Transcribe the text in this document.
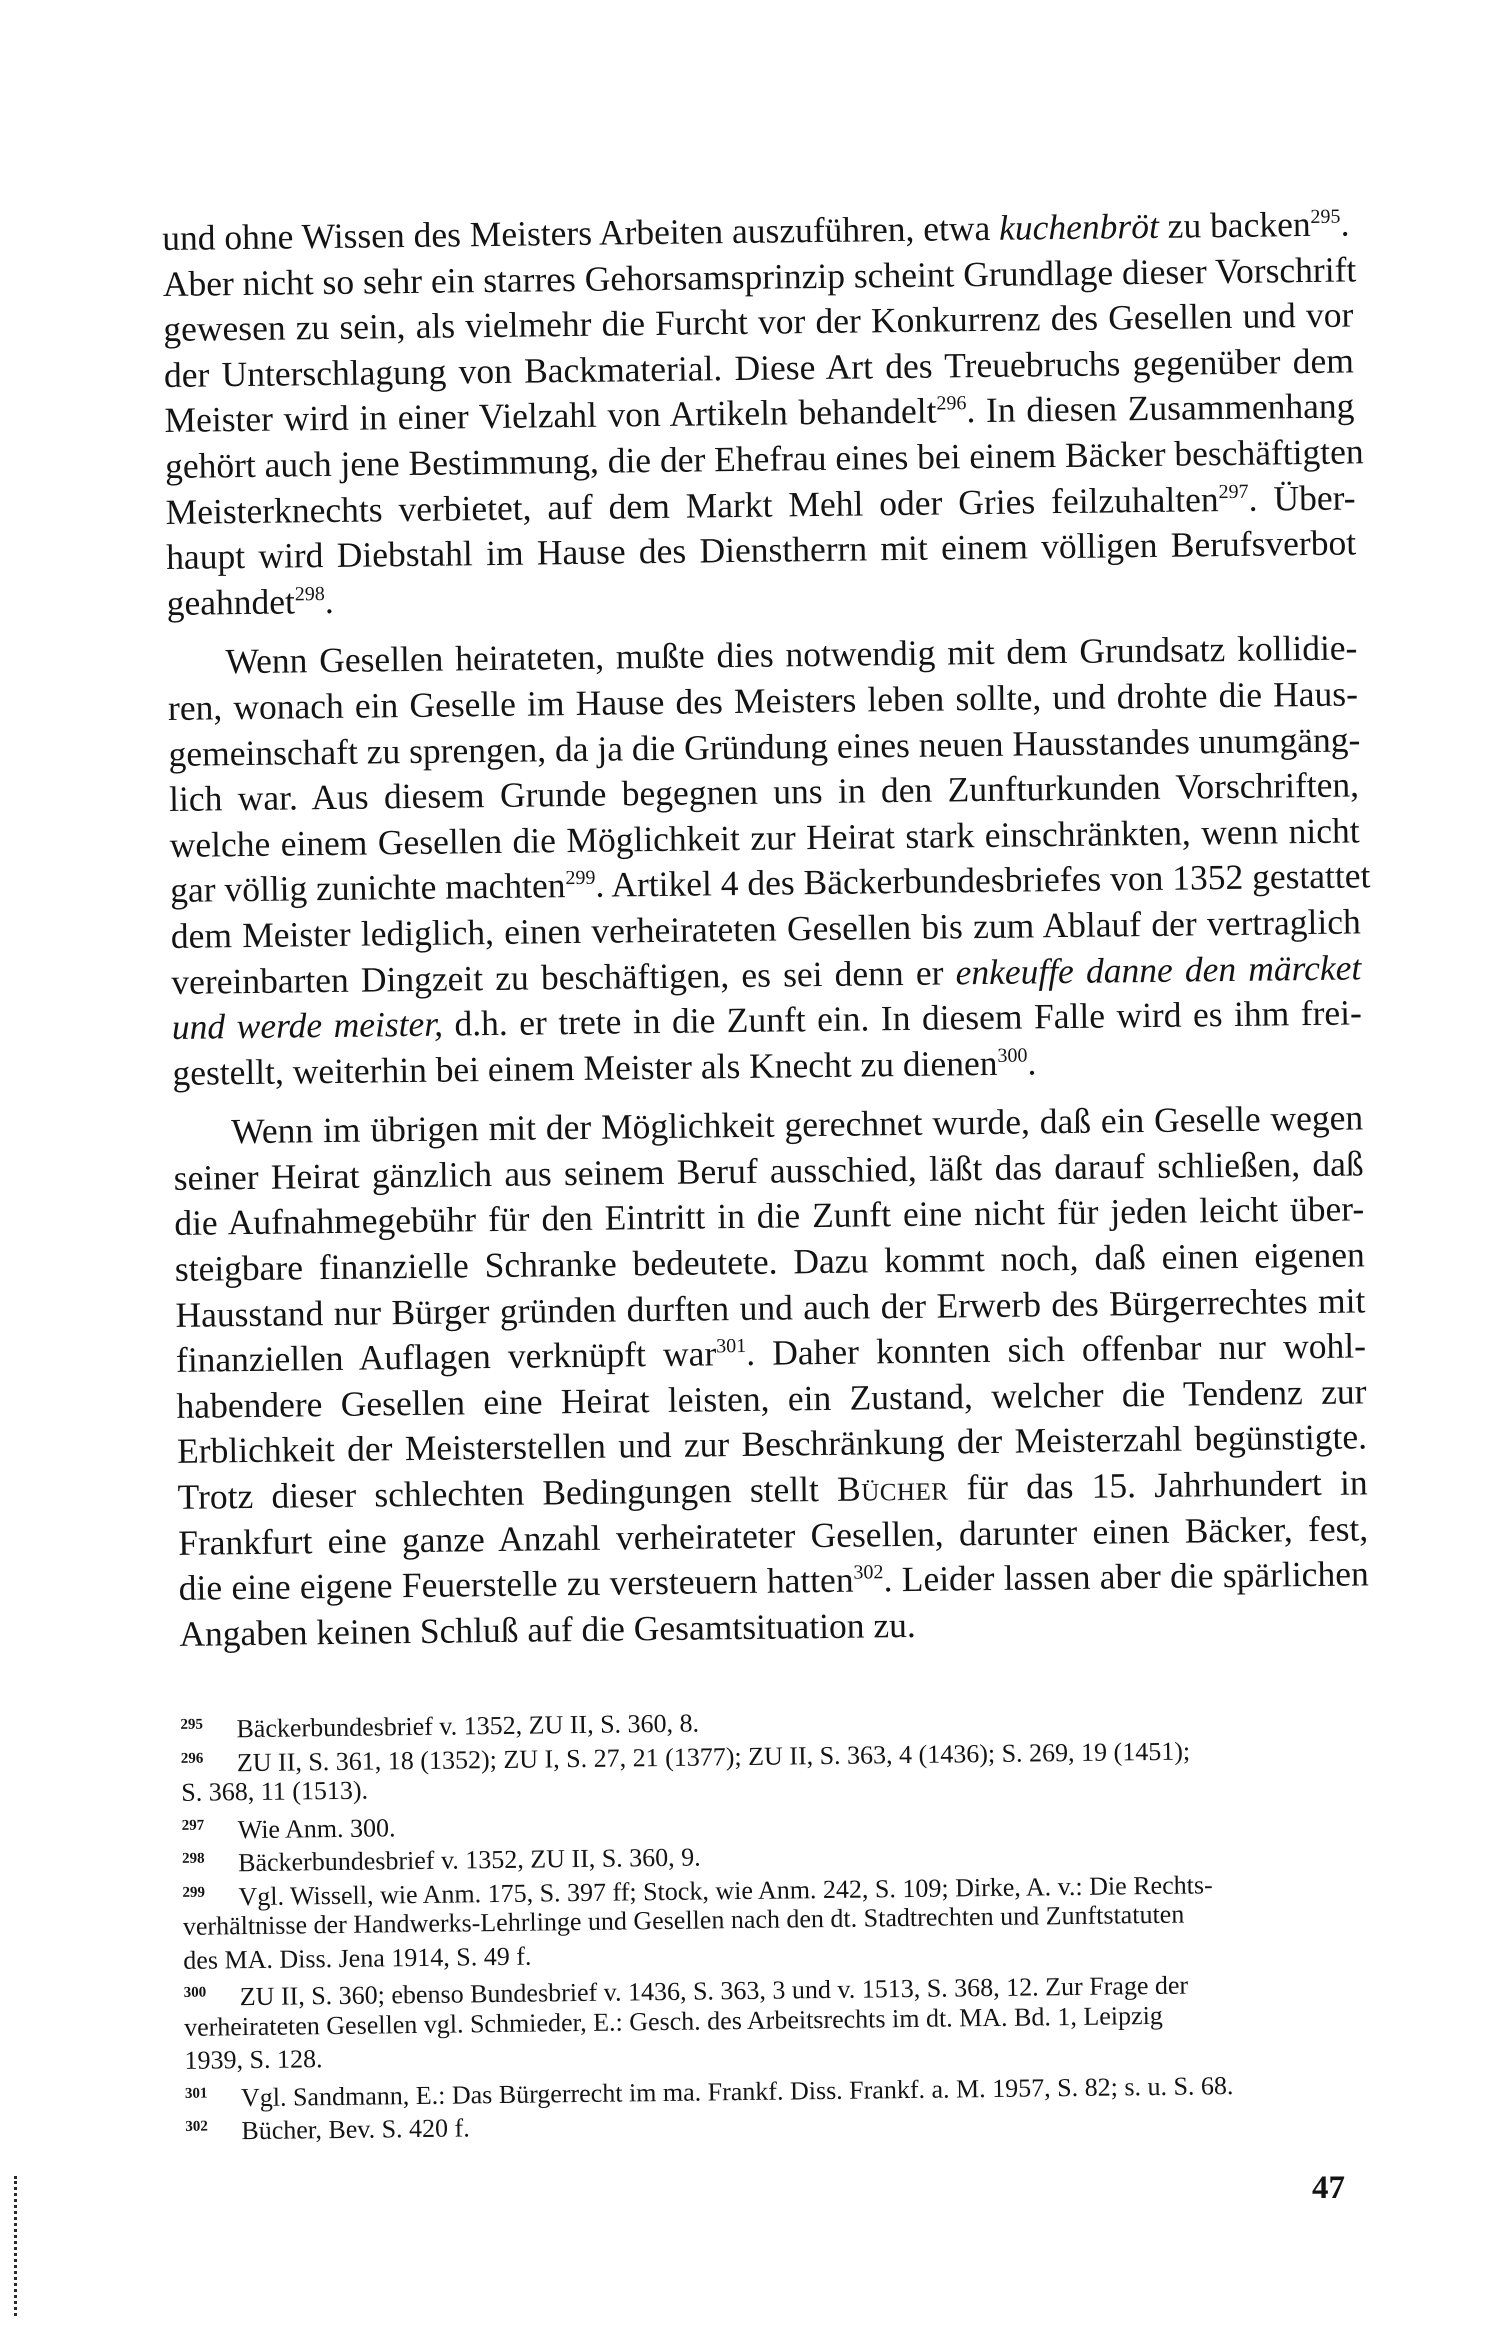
und ohne Wissen des Meisters Arbeiten auszuführen, etwa kuchenbröt zu backen$^{295}$.
Aber nicht so sehr ein starres Gehorsamsprinzip scheint Grundlage dieser Vorschrift
gewesen zu sein, als vielmehr die Furcht vor der Konkurrenz des Gesellen und vor
der Unterschlagung von Backmaterial. Diese Art des Treuebruchs gegenüber dem
Meister wird in einer Vielzahl von Artikeln behandelt$^{296}$. In diesen Zusammenhang
gehört auch jene Bestimmung, die der Ehefrau eines bei einem Bäcker beschäftigten
Meisterknechts verbietet, auf dem Markt Mehl oder Gries feilzuhalten$^{297}$. Über-
haupt wird Diebstahl im Hause des Dienstherrn mit einem völligen Berufsverbot
geahndet$^{298}$.
Wenn Gesellen heirateten, mußte dies notwendig mit dem Grundsatz kollidie-
ren, wonach ein Geselle im Hause des Meisters leben sollte, und drohte die Haus-
gemeinschaft zu sprengen, da ja die Gründung eines neuen Hausstandes unumgäng-
lich war. Aus diesem Grunde begegnen uns in den Zunfturkunden Vorschriften,
welche einem Gesellen die Möglichkeit zur Heirat stark einschränkten, wenn nicht
gar völlig zunichte machten$^{299}$. Artikel 4 des Bäckerbundesbriefes von 1352 gestattet
dem Meister lediglich, einen verheirateten Gesellen bis zum Ablauf der vertraglich
vereinbarten Dingzeit zu beschäftigen, es sei denn er enkeuffe danne den märcket
und werde meister, d.h. er trete in die Zunft ein. In diesem Falle wird es ihm frei-
gestellt, weiterhin bei einem Meister als Knecht zu dienen$^{300}$.
Wenn im übrigen mit der Möglichkeit gerechnet wurde, daß ein Geselle wegen
seiner Heirat gänzlich aus seinem Beruf ausschied, läßt das darauf schließen, daß
die Aufnahmegebühr für den Eintritt in die Zunft eine nicht für jeden leicht über-
steigbare finanzielle Schranke bedeutete. Dazu kommt noch, daß einen eigenen
Hausstand nur Bürger gründen durften und auch der Erwerb des Bürgerrechtes mit
finanziellen Auflagen verknüpft war$^{301}$. Daher konnten sich offenbar nur wohl-
habendere Gesellen eine Heirat leisten, ein Zustand, welcher die Tendenz zur
Erblichkeit der Meisterstellen und zur Beschränkung der Meisterzahl begünstigte.
Trotz dieser schlechten Bedingungen stellt Bücher für das 15. Jahrhundert in
Frankfurt eine ganze Anzahl verheirateter Gesellen, darunter einen Bäcker, fest,
die eine eigene Feuerstelle zu versteuern hatten$^{302}$. Leider lassen aber die spärlichen
Angaben keinen Schluß auf die Gesamtsituation zu.
295 Bäckerbundesbrief v. 1352, ZU II, S. 360, 8.
296 ZU II, S. 361, 18 (1352); ZU I, S. 27, 21 (1377); ZU II, S. 363, 4 (1436); S. 269, 19 (1451);
S. 368, 11 (1513).
297 Wie Anm. 300.
298 Bäckerbundesbrief v. 1352, ZU II, S. 360, 9.
299 Vgl. Wissell, wie Anm. 175, S. 397 ff; Stock, wie Anm. 242, S. 109; Dirke, A. v.: Die Rechts-
verhältnisse der Handwerks-Lehrlinge und Gesellen nach den dt. Stadtrechten und Zunftstatuten
des MA. Diss. Jena 1914, S. 49 f.
300 ZU II, S. 360; ebenso Bundesbrief v. 1436, S. 363, 3 und v. 1513, S. 368, 12. Zur Frage der
verheirateten Gesellen vgl. Schmieder, E.: Gesch. des Arbeitsrechts im dt. MA. Bd. 1, Leipzig
1939, S. 128.
301 Vgl. Sandmann, E.: Das Bürgerrecht im ma. Frankf. Diss. Frankf. a. M. 1957, S. 82; s. u. S. 68.
302 Bücher, Bev. S. 420 f.
47
